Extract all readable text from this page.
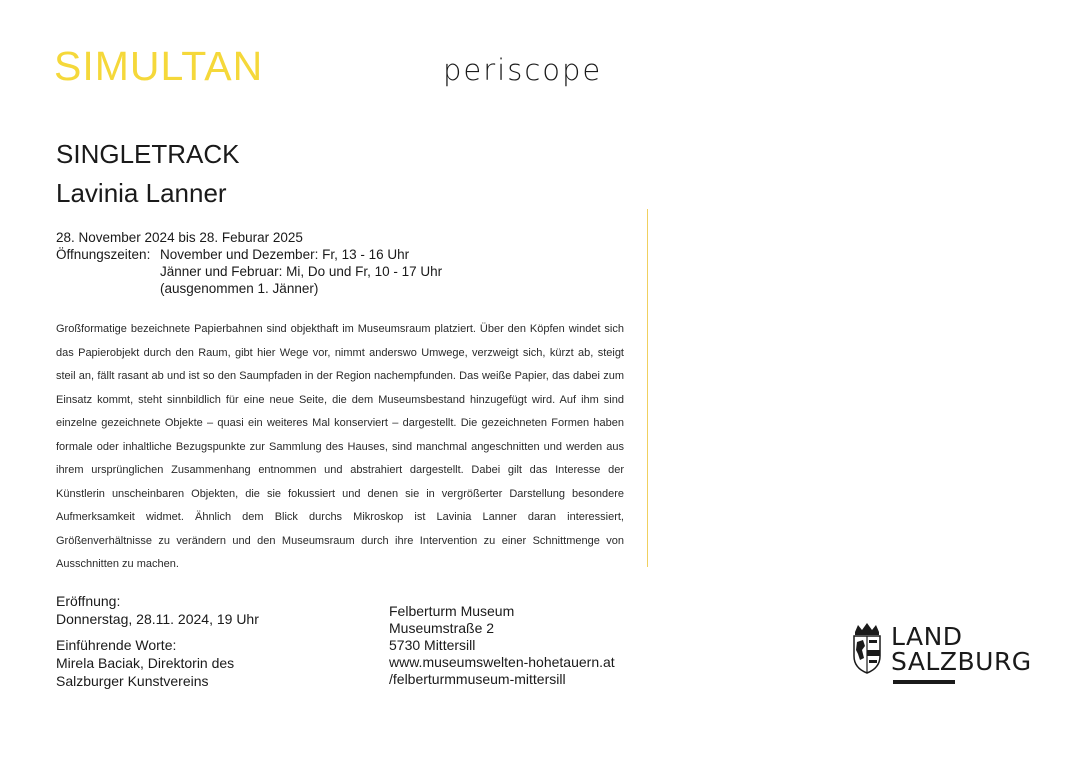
SIMULTAN	periscope
SINGLETRACK
Lavinia Lanner
28. November 2024 bis 28. Feburar 2025
Öffnungszeiten: November und Dezember: Fr, 13 - 16 Uhr
Jänner und Februar: Mi, Do und Fr, 10 - 17 Uhr
(ausgenommen 1. Jänner)
Großformatige bezeichnete Papierbahnen sind objekthaft im Museumsraum platziert. Über den Köpfen windet sich das Papierobjekt durch den Raum, gibt hier Wege vor, nimmt anderswo Umwege, verzweigt sich, kürzt ab, steigt steil an, fällt rasant ab und ist so den Saumpfaden in der Region nachempfunden. Das weiße Papier, das dabei zum Einsatz kommt, steht sinnbildlich für eine neue Seite, die dem Museumsbestand hinzugefügt wird. Auf ihm sind einzelne gezeichnete Objekte – quasi ein weiteres Mal konserviert – dargestellt. Die gezeichneten Formen haben formale oder inhaltliche Bezugspunkte zur Sammlung des Hauses, sind manchmal angeschnitten und werden aus ihrem ursprünglichen Zusammenhang entnommen und abstrahiert dargestellt. Dabei gilt das Interesse der Künstlerin unscheinbaren Objekten, die sie fokussiert und denen sie in vergrößerter Darstellung besondere Aufmerksamkeit widmet. Ähnlich dem Blick durchs Mikroskop ist Lavinia Lanner daran interessiert, Größenverhältnisse zu verändern und den Museumsraum durch ihre Intervention zu einer Schnittmenge von Ausschnitten zu machen.
Eröffnung:
Donnerstag, 28.11. 2024, 19 Uhr
Einführende Worte:
Mirela Baciak, Direktorin des
Salzburger Kunstvereins
Felberturm Museum
Museumstraße 2
5730 Mittersill
www.museumswelten-hohetauern.at
/felberturmmuseum-mittersill
LAND
SALZBURG
